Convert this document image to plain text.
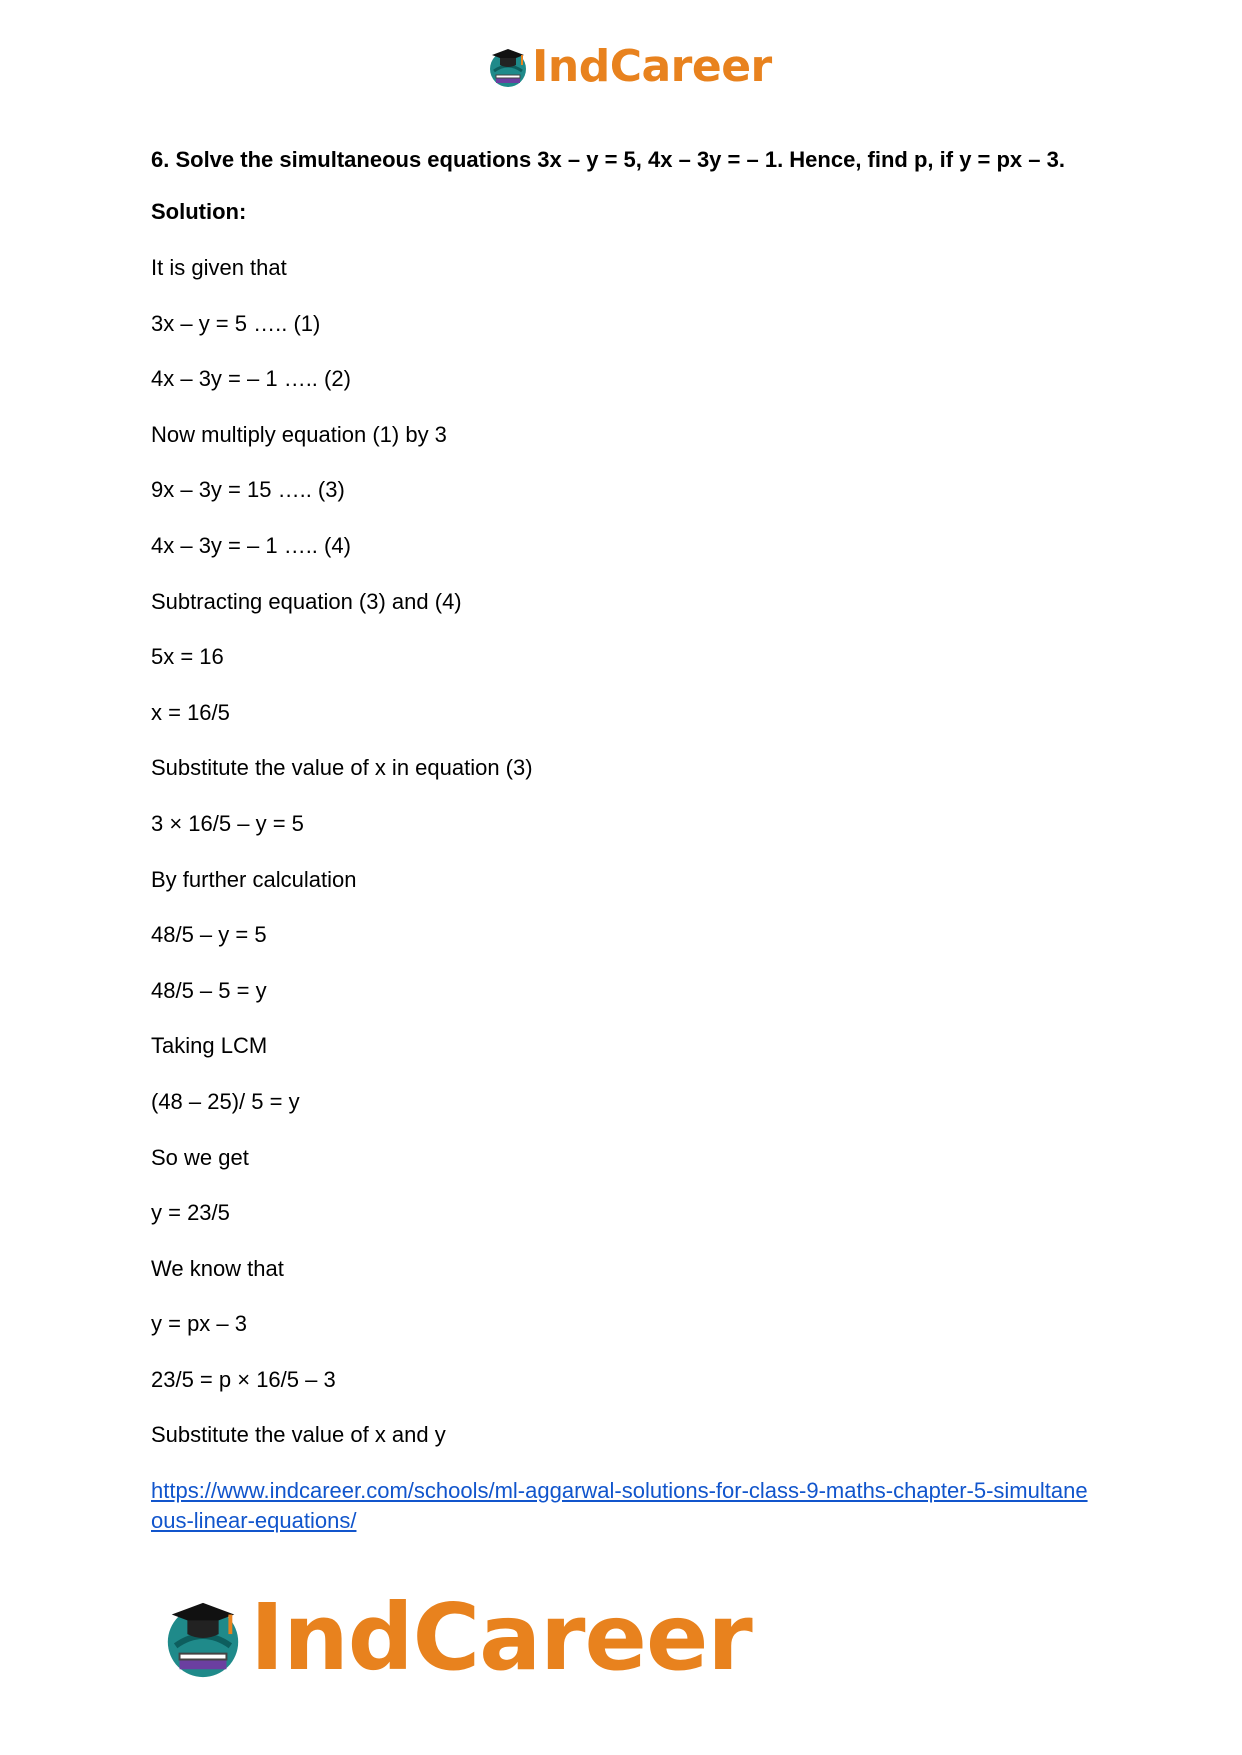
IndCareer

6. Solve the simultaneous equations 3x – y = 5, 4x – 3y = – 1. Hence, find p, if y = px – 3.

Solution:

It is given that

3x – y = 5 ….. (1)

4x – 3y = – 1 ….. (2)

Now multiply equation (1) by 3

9x – 3y = 15 ….. (3)

4x – 3y = – 1 ….. (4)

Subtracting equation (3) and (4)

5x = 16

x = 16/5

Substitute the value of x in equation (3)

3 × 16/5 – y = 5

By further calculation

48/5 – y = 5

48/5 – 5 = y

Taking LCM

(48 – 25)/ 5 = y

So we get

y = 23/5

We know that

y = px – 3

23/5 = p × 16/5 – 3

Substitute the value of x and y

https://www.indcareer.com/schools/ml-aggarwal-solutions-for-class-9-maths-chapter-5-simultaneous-linear-equations/
IndCareer
